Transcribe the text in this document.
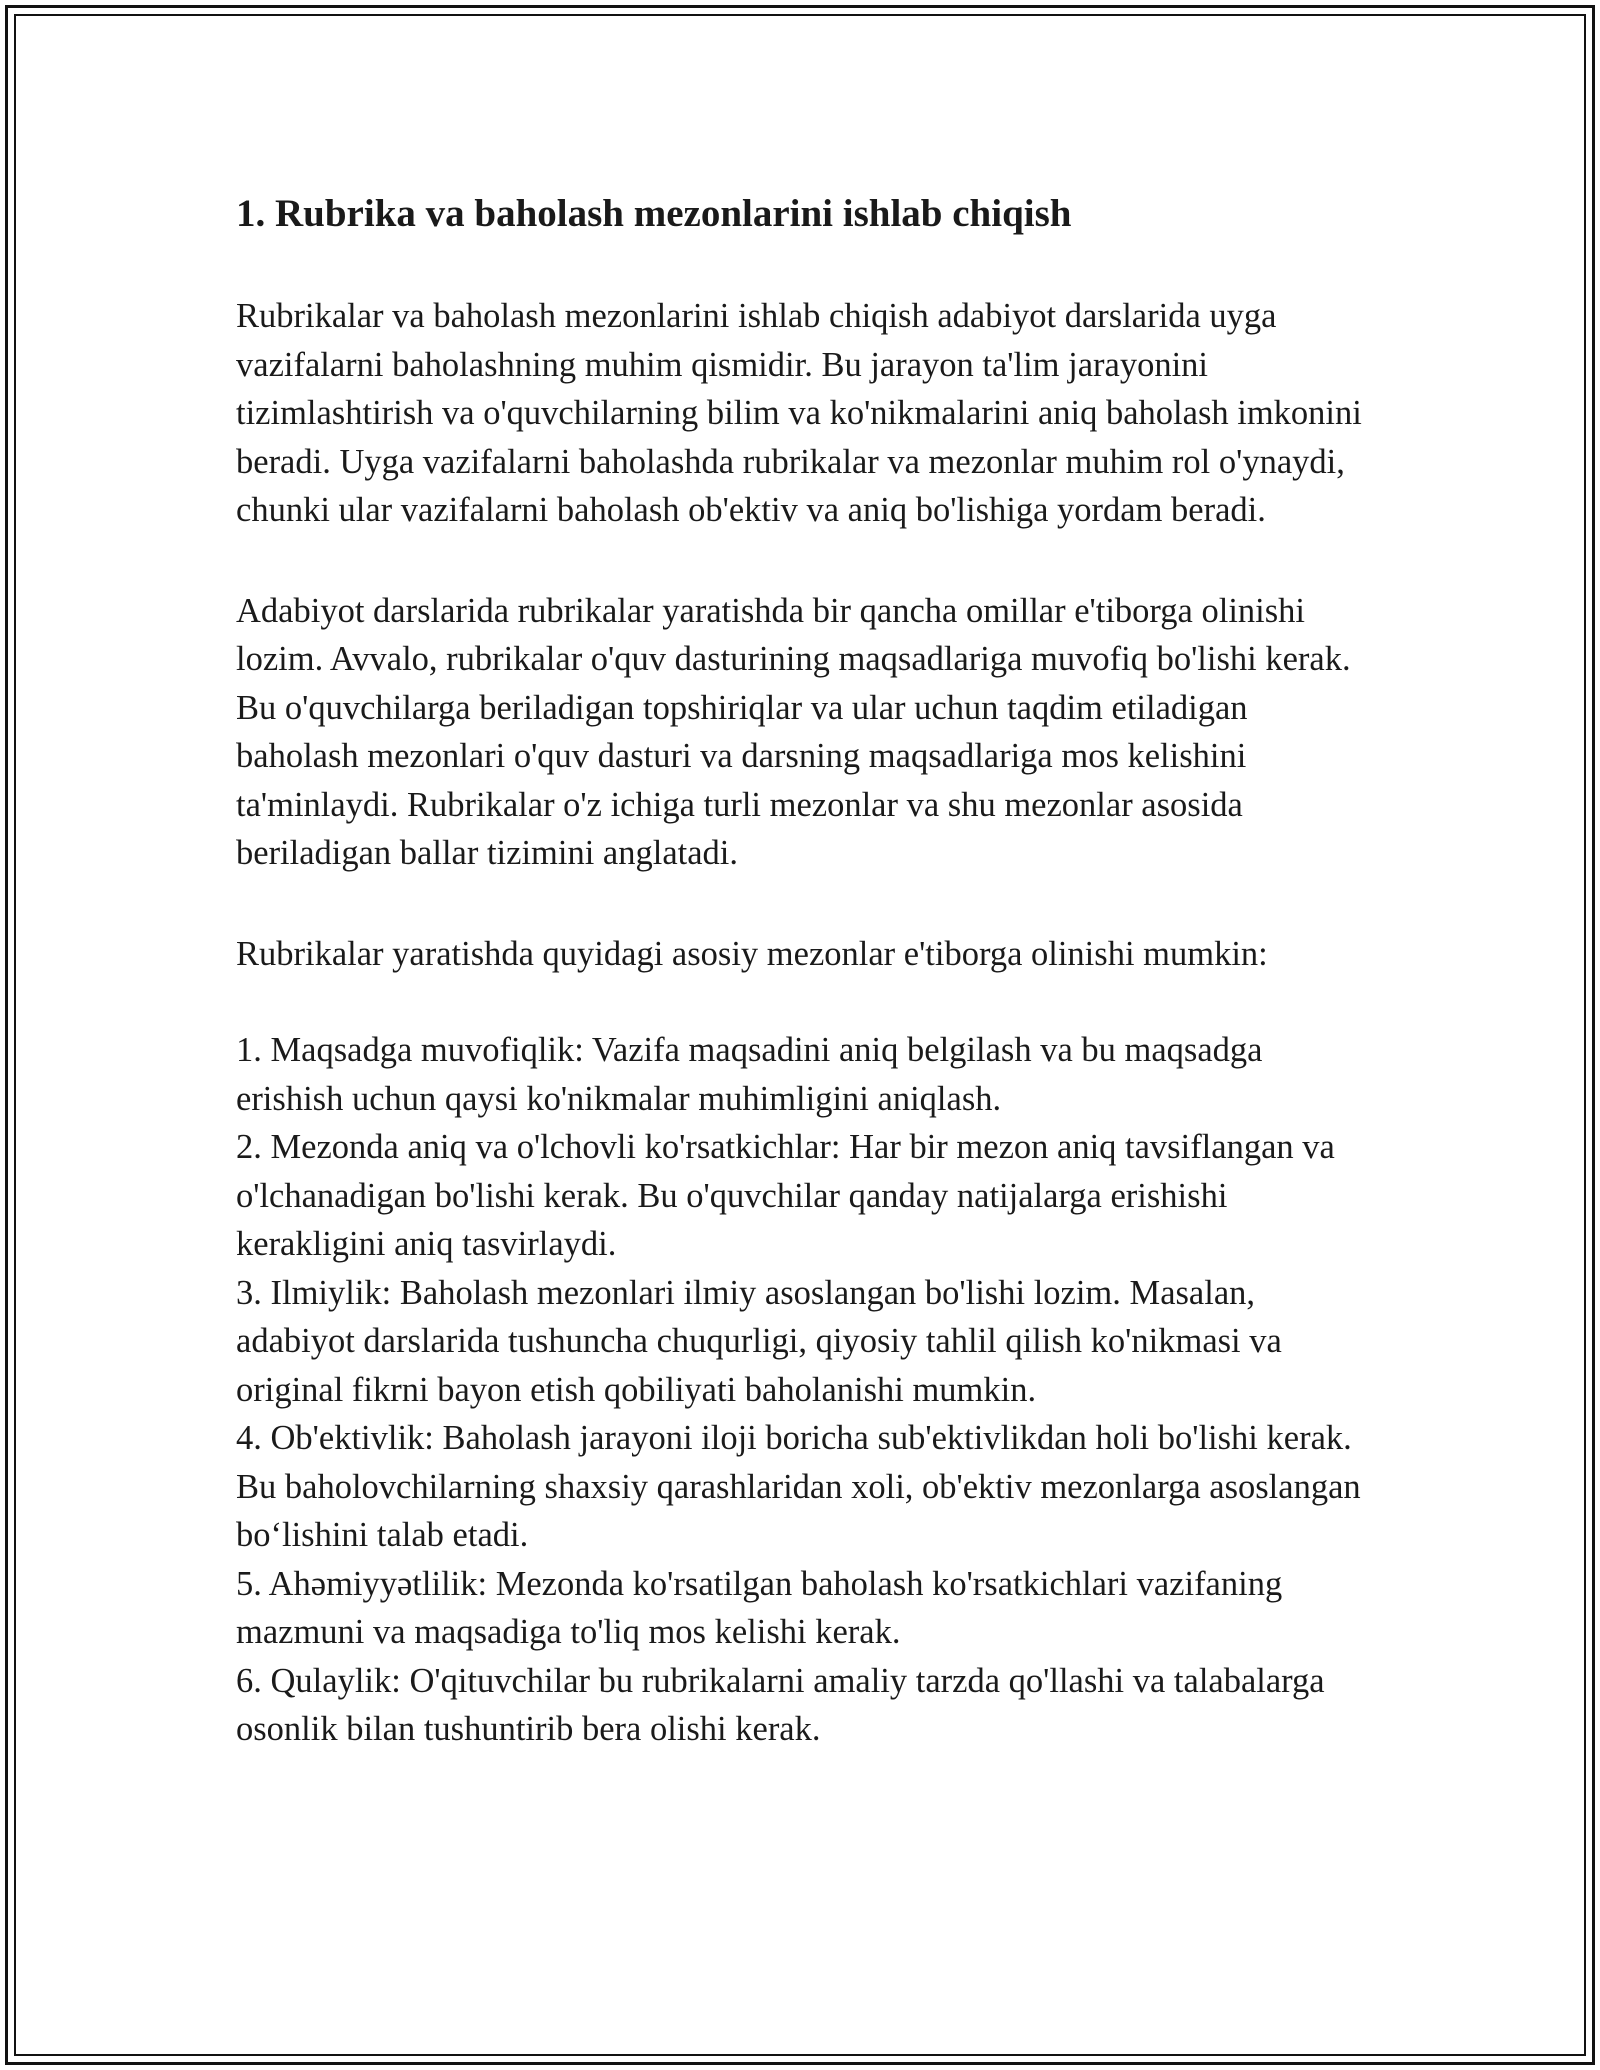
1. Rubrika va baholash mezonlarini ishlab chiqish

Rubrikalar va baholash mezonlarini ishlab chiqish adabiyot darslarida uyga vazifalarni baholashning muhim qismidir. Bu jarayon ta'lim jarayonini tizimlashtirish va o'quvchilarning bilim va ko'nikmalarini aniq baholash imkonini beradi. Uyga vazifalarni baholashda rubrikalar va mezonlar muhim rol o'ynaydi, chunki ular vazifalarni baholash ob'ektiv va aniq bo'lishiga yordam beradi.

Adabiyot darslarida rubrikalar yaratishda bir qancha omillar e'tiborga olinishi lozim. Avvalo, rubrikalar o'quv dasturining maqsadlariga muvofiq bo'lishi kerak. Bu o'quvchilarga beriladigan topshiriqlar va ular uchun taqdim etiladigan baholash mezonlari o'quv dasturi va darsning maqsadlariga mos kelishini ta'minlaydi. Rubrikalar o'z ichiga turli mezonlar va shu mezonlar asosida beriladigan ballar tizimini anglatadi.

Rubrikalar yaratishda quyidagi asosiy mezonlar e'tiborga olinishi mumkin:

1. Maqsadga muvofiqlik: Vazifa maqsadini aniq belgilash va bu maqsadga erishish uchun qaysi ko'nikmalar muhimligini aniqlash.
2. Mezonda aniq va o'lchovli ko'rsatkichlar: Har bir mezon aniq tavsiflangan va o'lchanadigan bo'lishi kerak. Bu o'quvchilar qanday natijalarga erishishi kerakligini aniq tasvirlaydi.
3. Ilmiylik: Baholash mezonlari ilmiy asoslangan bo'lishi lozim. Masalan, adabiyot darslarida tushuncha chuqurligi, qiyosiy tahlil qilish ko'nikmasi va original fikrni bayon etish qobiliyati baholanishi mumkin.
4. Ob'ektivlik: Baholash jarayoni iloji boricha sub'ektivlikdan holi bo'lishi kerak. Bu baholovchilarning shaxsiy qarashlaridan xoli, ob'ektiv mezonlarga asoslangan boʻlishini talab etadi.
5. Ahəmiyyətlilik: Mezonda ko'rsatilgan baholash ko'rsatkichlari vazifaning mazmuni va maqsadiga to'liq mos kelishi kerak.
6. Qulaylik: O'qituvchilar bu rubrikalarni amaliy tarzda qo'llashi va talabalarga osonlik bilan tushuntirib bera olishi kerak.
